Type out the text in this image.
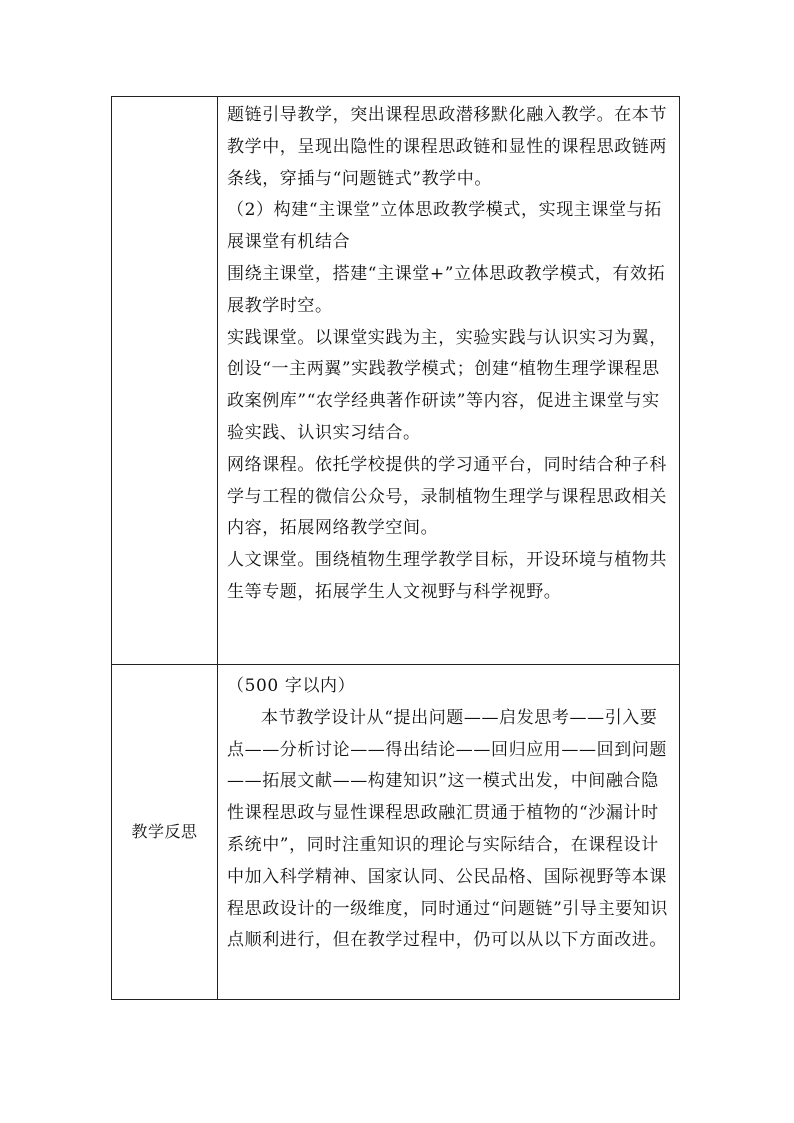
题链引导教学，突出课程思政潜移默化融入教学。在本节教学中，呈现出隐性的课程思政链和显性的课程思政链两条线，穿插与“问题链式”教学中。

（2）构建“主课堂”立体思政教学模式，实现主课堂与拓展课堂有机结合

围绕主课堂，搭建“主课堂+”立体思政教学模式，有效拓展教学时空。

实践课堂。以课堂实践为主，实验实践与认识实习为翼，创设“一主两翼”实践教学模式；创建“植物生理学课程思政案例库”“农学经典著作研读”等内容，促进主课堂与实验实践、认识实习结合。

网络课程。依托学校提供的学习通平台，同时结合种子科学与工程的微信公众号，录制植物生理学与课程思政相关内容，拓展网络教学空间。

人文课堂。围绕植物生理学教学目标，开设环境与植物共生等专题，拓展学生人文视野与科学视野。

教学反思

（500 字以内）

本节教学设计从“提出问题——启发思考——引入要点——分析讨论——得出结论——回归应用——回到问题——拓展文献——构建知识”这一模式出发，中间融合隐性课程思政与显性课程思政融汇贯通于植物的“沙漏计时系统中”，同时注重知识的理论与实际结合，在课程设计中加入科学精神、国家认同、公民品格、国际视野等本课程思政设计的一级维度，同时通过“问题链”引导主要知识点顺利进行，但在教学过程中，仍可以从以下方面改进。
